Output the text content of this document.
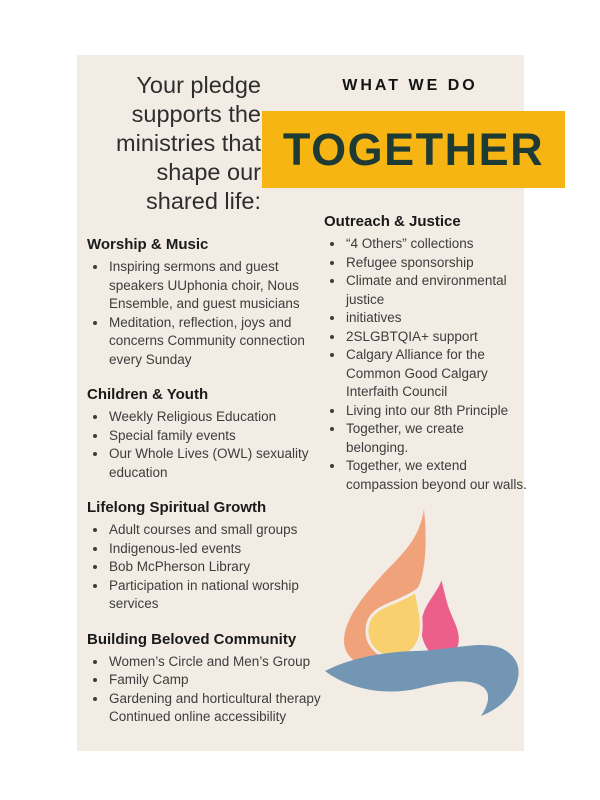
Your pledge supports the ministries that shape our shared life:
WHAT WE DO
TOGETHER
Worship & Music
• Inspiring sermons and guest speakers UUphonia choir, Nous Ensemble, and guest musicians
• Meditation, reflection, joys and concerns Community connection every Sunday
Children & Youth
• Weekly Religious Education
• Special family events
• Our Whole Lives (OWL) sexuality education
Lifelong Spiritual Growth
• Adult courses and small groups
• Indigenous-led events
• Bob McPherson Library
• Participation in national worship services
Building Beloved Community
• Women’s Circle and Men’s Group
• Family Camp
• Gardening and horticultural therapy Continued online accessibility
Outreach & Justice
• “4 Others” collections
• Refugee sponsorship
• Climate and environmental justice
• initiatives
• 2SLGBTQIA+ support
• Calgary Alliance for the Common Good Calgary Interfaith Council
• Living into our 8th Principle
• Together, we create belonging.
• Together, we extend compassion beyond our walls.
